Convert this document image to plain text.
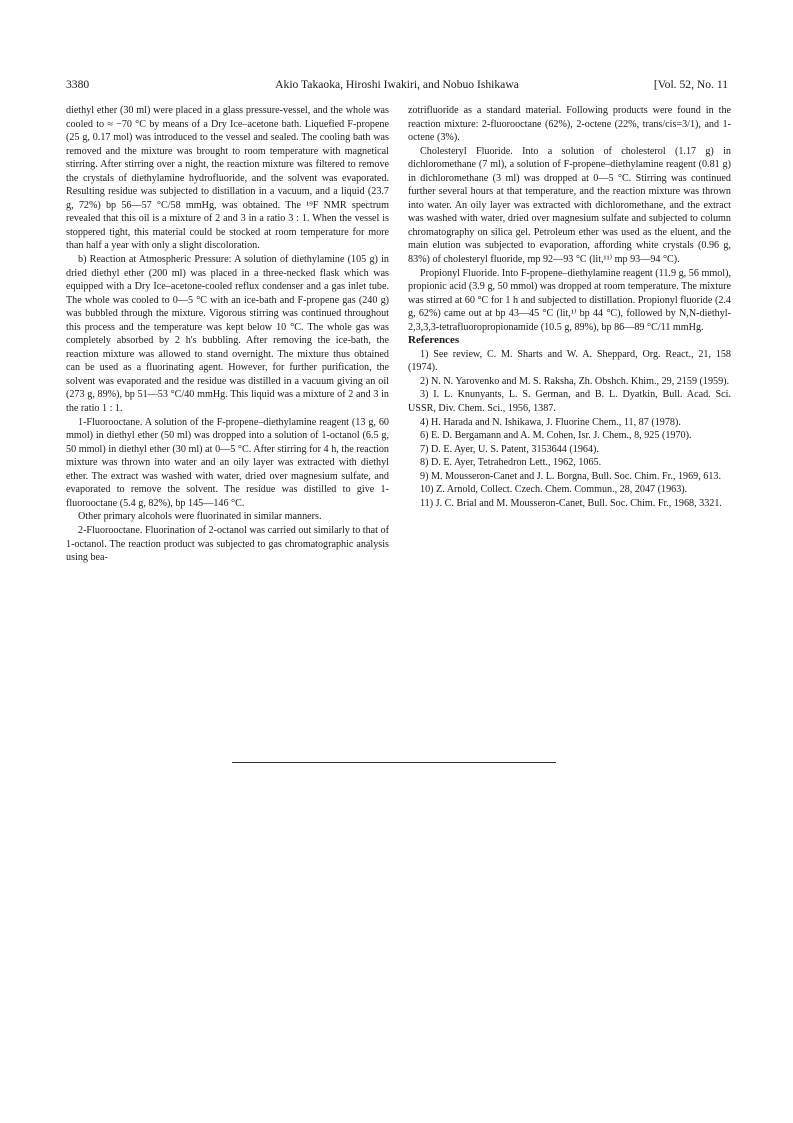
3380	Akio Takaoka, Hiroshi Iwakiri, and Nobuo Ishikawa	[Vol. 52, No. 11

diethyl ether (30 ml) were placed in a glass pressure-vessel, and the whole was cooled to ≈ −70 °C by means of a Dry Ice–acetone bath. Liquefied F-propene (25 g, 0.17 mol) was introduced to the vessel and sealed. The cooling bath was removed and the mixture was brought to room temperature with magnetical stirring. After stirring over a night, the reaction mixture was filtered to remove the crystals of diethylamine hydrofluoride, and the solvent was evaporated. Resulting residue was subjected to distillation in a vacuum, and a liquid (23.7 g, 72%) bp 56—57 °C/58 mmHg, was obtained. The ¹⁹F NMR spectrum revealed that this oil is a mixture of 2 and 3 in a ratio 3 : 1. When the vessel is stoppered tight, this material could be stocked at room temperature for more than half a year with only a slight discoloration.

b) Reaction at Atmospheric Pressure: A solution of diethylamine (105 g) in dried diethyl ether (200 ml) was placed in a three-necked flask which was equipped with a Dry Ice–acetone-cooled reflux condenser and a gas inlet tube. The whole was cooled to 0—5 °C with an ice-bath and F-propene gas (240 g) was bubbled through the mixture. Vigorous stirring was continued throughout this process and the temperature was kept below 10 °C. The whole gas was completely absorbed by 2 h's bubbling. After removing the ice-bath, the reaction mixture was allowed to stand overnight. The mixture thus obtained can be used as a fluorinating agent. However, for further purification, the solvent was evaporated and the residue was distilled in a vacuum giving an oil (273 g, 89%), bp 51—53 °C/40 mmHg. This liquid was a mixture of 2 and 3 in the ratio 1 : 1.

1-Fluorooctane. A solution of the F-propene–diethylamine reagent (13 g, 60 mmol) in diethyl ether (50 ml) was dropped into a solution of 1-octanol (6.5 g, 50 mmol) in diethyl ether (30 ml) at 0—5 °C. After stirring for 4 h, the reaction mixture was thrown into water and an oily layer was extracted with diethyl ether. The extract was washed with water, dried over magnesium sulfate, and evaporated to remove the solvent. The residue was distilled to give 1-fluorooctane (5.4 g, 82%), bp 145—146 °C.

Other primary alcohols were fluorinated in similar manners.

2-Fluorooctane. Fluorination of 2-octanol was carried out similarly to that of 1-octanol. The reaction product was subjected to gas chromatographic analysis using bea-

zotrifluoride as a standard material. Following products were found in the reaction mixture: 2-fluorooctane (62%), 2-octene (22%, trans/cis=3/1), and 1-octene (3%).

Cholesteryl Fluoride. Into a solution of cholesterol (1.17 g) in dichloromethane (7 ml), a solution of F-propene–diethylamine reagent (0.81 g) in dichloromethane (3 ml) was dropped at 0—5 °C. Stirring was continued further several hours at that temperature, and the reaction mixture was thrown into water. An oily layer was extracted with dichloromethane, and the extract was washed with water, dried over magnesium sulfate and subjected to column chromatography on silica gel. Petroleum ether was used as the eluent, and the main elution was subjected to evaporation, affording white crystals (0.96 g, 83%) of cholesteryl fluoride, mp 92—93 °C (lit,¹¹⁾ mp 93—94 °C).

Propionyl Fluoride. Into F-propene–diethylamine reagent (11.9 g, 56 mmol), propionic acid (3.9 g, 50 mmol) was dropped at room temperature. The mixture was stirred at 60 °C for 1 h and subjected to distillation. Propionyl fluoride (2.4 g, 62%) came out at bp 43—45 °C (lit,¹⁾ bp 44 °C), followed by N,N-diethyl-2,3,3,3-tetrafluoropropionamide (10.5 g, 89%), bp 86—89 °C/11 mmHg.

References

1) See review, C. M. Sharts and W. A. Sheppard, Org. React., 21, 158 (1974).

2) N. N. Yarovenko and M. S. Raksha, Zh. Obshch. Khim., 29, 2159 (1959).

3) I. L. Knunyants, L. S. German, and B. L. Dyatkin, Bull. Acad. Sci. USSR, Div. Chem. Sci., 1956, 1387.

4) H. Harada and N. Ishikawa, J. Fluorine Chem., 11, 87 (1978).

6) E. D. Bergamann and A. M. Cohen, Isr. J. Chem., 8, 925 (1970).

7) D. E. Ayer, U. S. Patent, 3153644 (1964).

8) D. E. Ayer, Tetrahedron Lett., 1962, 1065.

9) M. Mousseron-Canet and J. L. Borgna, Bull. Soc. Chim. Fr., 1969, 613.

10) Z. Arnold, Collect. Czech. Chem. Commun., 28, 2047 (1963).

11) J. C. Brial and M. Mousseron-Canet, Bull. Soc. Chim. Fr., 1968, 3321.
